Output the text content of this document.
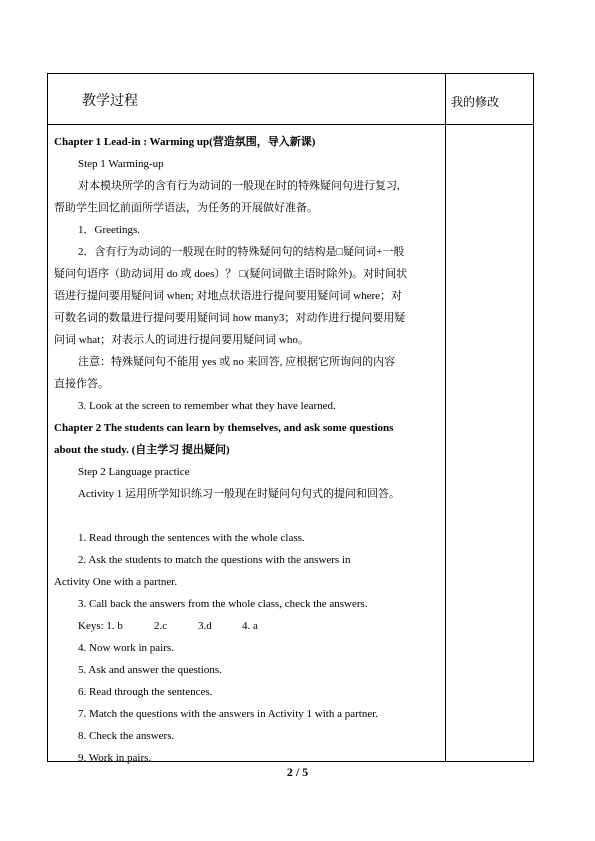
教学过程	我的修改

Chapter 1 Lead-in : Warming up(营造氛围，导入新课)

Step 1 Warming-up

对本模块所学的含有行为动词的一般现在时的特殊疑问句进行复习,

帮助学生回忆前面所学语法，为任务的开展做好准备。

1．Greetings.

2．含有行为动词的一般现在时的特殊疑问句的结构是□疑问词+一般

疑问句语序（助动词用 do 或 does）？ □(疑问词做主语时除外)。对时间状

语进行提问要用疑问词 when; 对地点状语进行提问要用疑问词 where；对

可数名词的数量进行提问要用疑问词 how many3；对动作进行提问要用疑

问词 what；对表示人的词进行提问要用疑问词 who。

注意：特殊疑问句不能用 yes 或 no 来回答, 应根据它所询问的内容

直接作答。

3. Look at the screen to remember what they have learned.

Chapter 2 The students can learn by themselves, and ask some questions

about the study. (自主学习 提出疑问)

Step 2 Language practice

Activity 1 运用所学知识练习一般现在时疑问句句式的提问和回答。

1. Read through the sentences with the whole class.

2. Ask the students to match the questions with the answers in

Activity One with a partner.

3. Call back the answers from the whole class, check the answers.

Keys: 1. b	2.c	3.d	4. a

4. Now work in pairs.

5. Ask and answer the questions.

6. Read through the sentences.

7. Match the questions with the answers in Activity 1 with a partner.

8. Check the answers.

9. Work in pairs.

2 / 5
